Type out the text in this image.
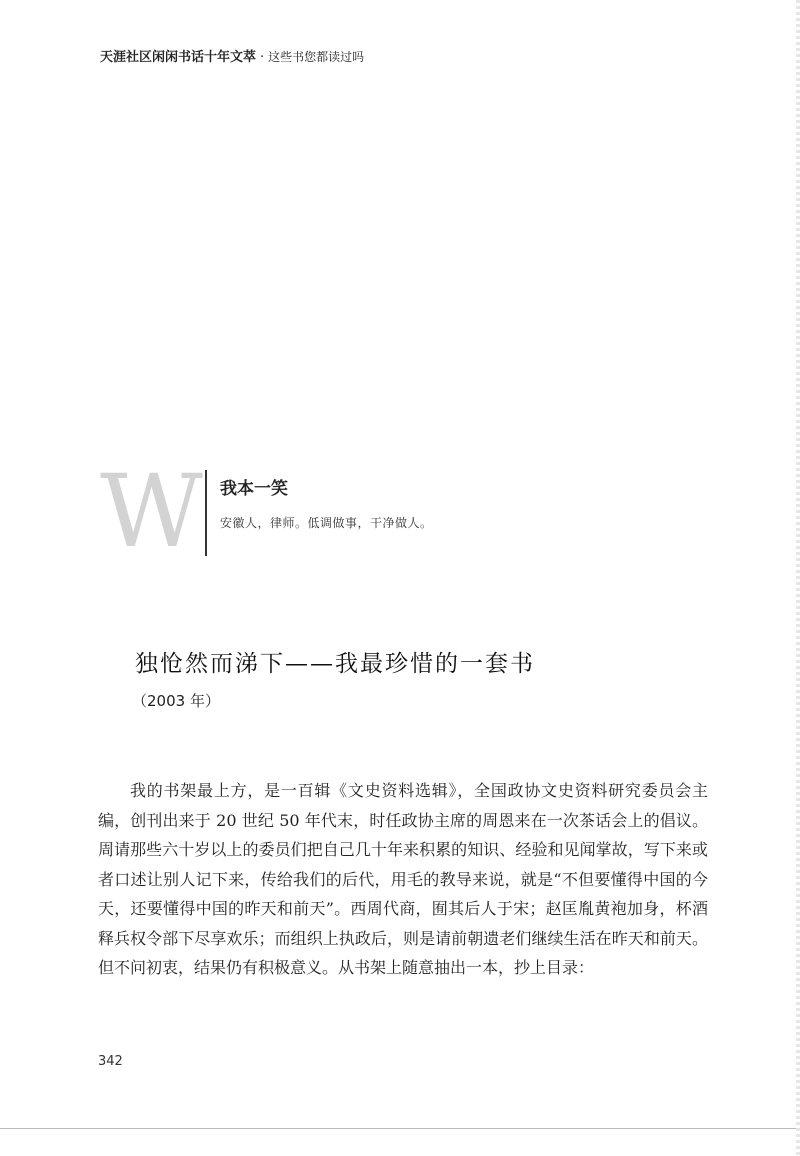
天涯社区闲闲书话十年文萃 · 这些书您都读过吗
W 我本一笑
安徽人，律师。低调做事，干净做人。
独怆然而涕下——我最珍惜的一套书
（2003 年）

我的书架最上方，是一百辑《文史资料选辑》，全国政协文史资料研究委员会主编，创刊出来于 20 世纪 50 年代末，时任政协主席的周恩来在一次茶话会上的倡议。周请那些六十岁以上的委员们把自己几十年来积累的知识、经验和见闻掌故，写下来或者口述让别人记下来，传给我们的后代，用毛的教导来说，就是“不但要懂得中国的今天，还要懂得中国的昨天和前天”。西周代商，囿其后人于宋；赵匡胤黄袍加身，杯酒释兵权令部下尽享欢乐；而组织上执政后，则是请前朝遗老们继续生活在昨天和前天。但不问初衷，结果仍有积极意义。从书架上随意抽出一本，抄上目录：

342
